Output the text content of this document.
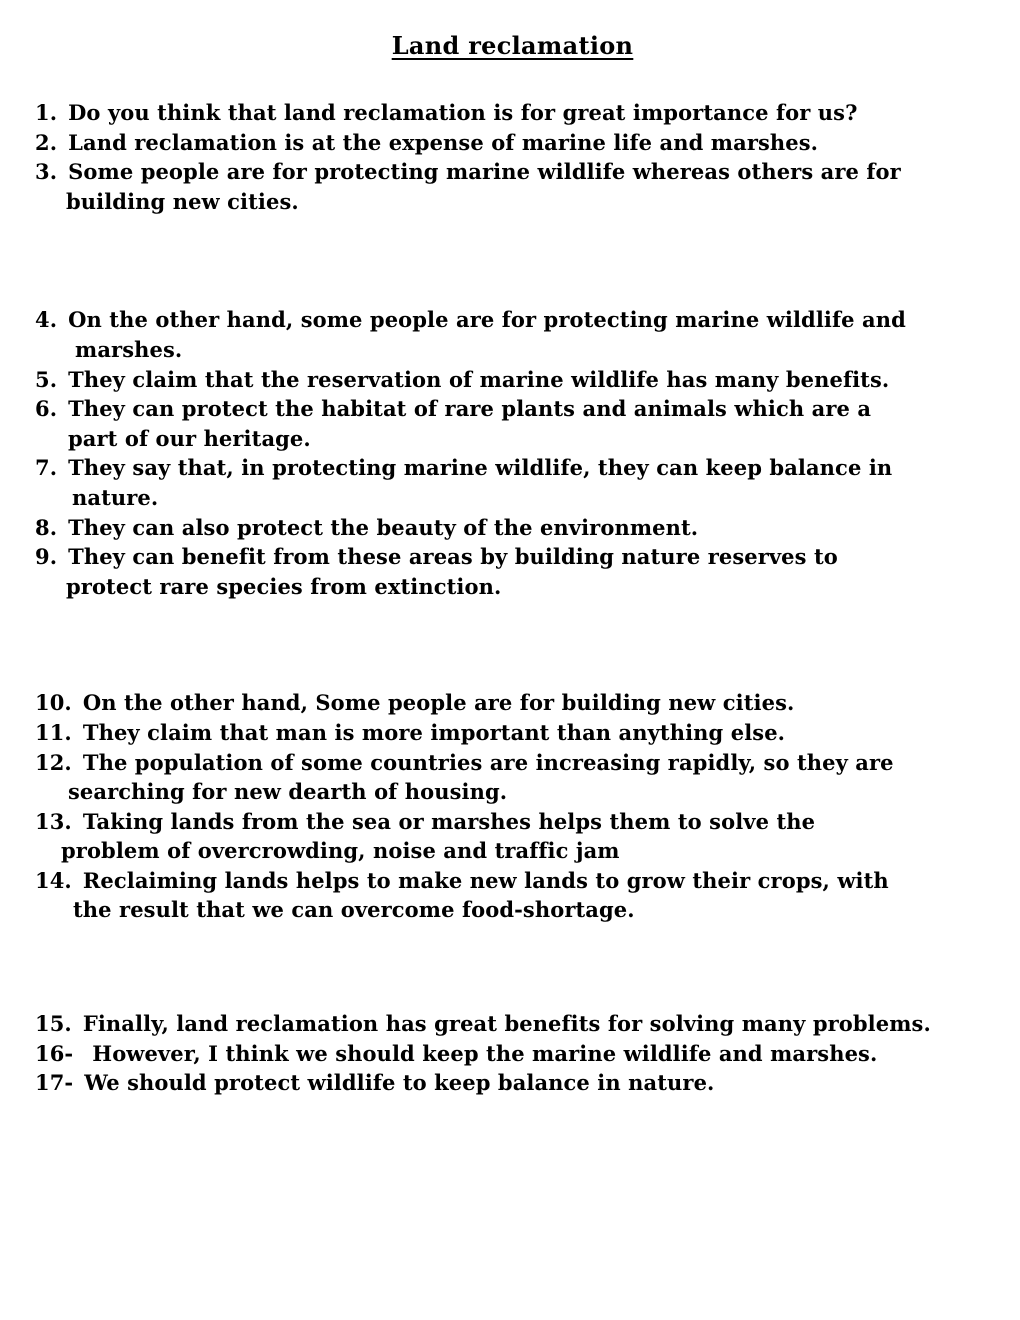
Land reclamation
1. Do you think that land reclamation is for great importance for us?
2. Land reclamation is at the expense of marine life and marshes.
3. Some people are for protecting marine wildlife whereas others are for
building new cities.
4. On the other hand, some people are for protecting marine wildlife and
marshes.
5. They claim that the reservation of marine wildlife has many benefits.
6. They can protect the habitat of rare plants and animals which are a
part of our heritage.
7. They say that, in protecting marine wildlife, they can keep balance in
nature.
8. They can also protect the beauty of the environment.
9. They can benefit from these areas by building nature reserves to
protect rare species from extinction.
10. On the other hand, Some people are for building new cities.
11. They claim that man is more important than anything else.
12. The population of some countries are increasing rapidly, so they are
searching for new dearth of housing.
13. Taking lands from the sea or marshes helps them to solve the
problem of overcrowding, noise and traffic jam
14. Reclaiming lands helps to make new lands to grow their crops, with
the result that we can overcome food-shortage.
15. Finally, land reclamation has great benefits for solving many problems.
16- However, I think we should keep the marine wildlife and marshes.
17- We should protect wildlife to keep balance in nature.
